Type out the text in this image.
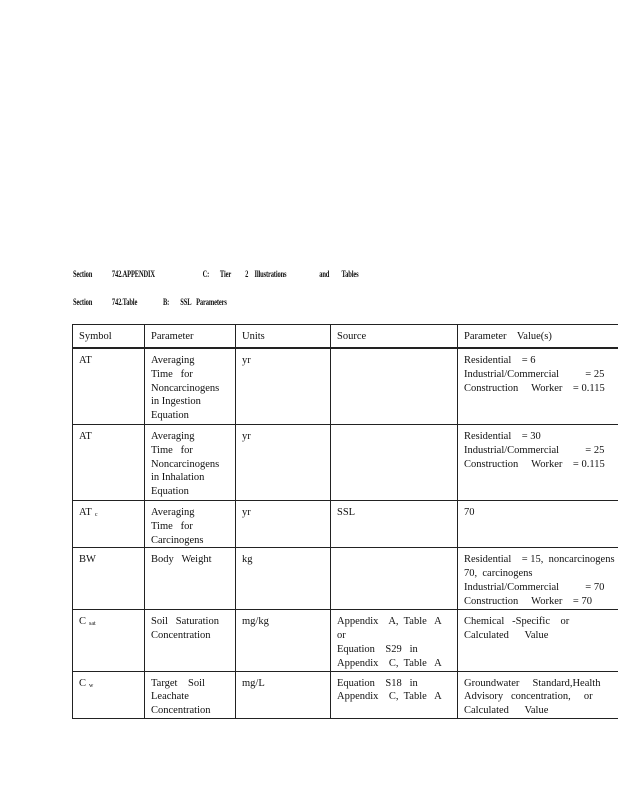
Section 742.APPENDIX	C: Tier 2 Illustrations	and Tables
Section 742.Table	B: SSL Parameters
Symbol	Parameter	Units	Source	Parameter    Value(s)
AT	Averaging
Time   for
Noncarcinogens
in Ingestion
Equation	yr		Residential    = 6
Industrial/Commercial          = 25
Construction     Worker    = 0.115

AT	Averaging
Time   for
Noncarcinogens
in Inhalation
Equation	yr		Residential    = 30
Industrial/Commercial          = 25
Construction     Worker    = 0.115

AT c	Averaging
Time   for
Carcinogens	yr	SSL	70

BW	Body   Weight	kg		Residential    = 15,  noncarcinogens
70,  carcinogens
Industrial/Commercial          = 70
Construction     Worker    = 70

C sat	Soil   Saturation
Concentration	mg/kg	Appendix    A,  Table   A
or
Equation    S29   in
Appendix    C,  Table   A	Chemical   -Specific    or
Calculated      Value

C w	Target    Soil
Leachate
Concentration	mg/L	Equation    S18   in
Appendix    C,  Table   A	Groundwater     Standard,Health
Advisory   concentration,     or
Calculated      Value
